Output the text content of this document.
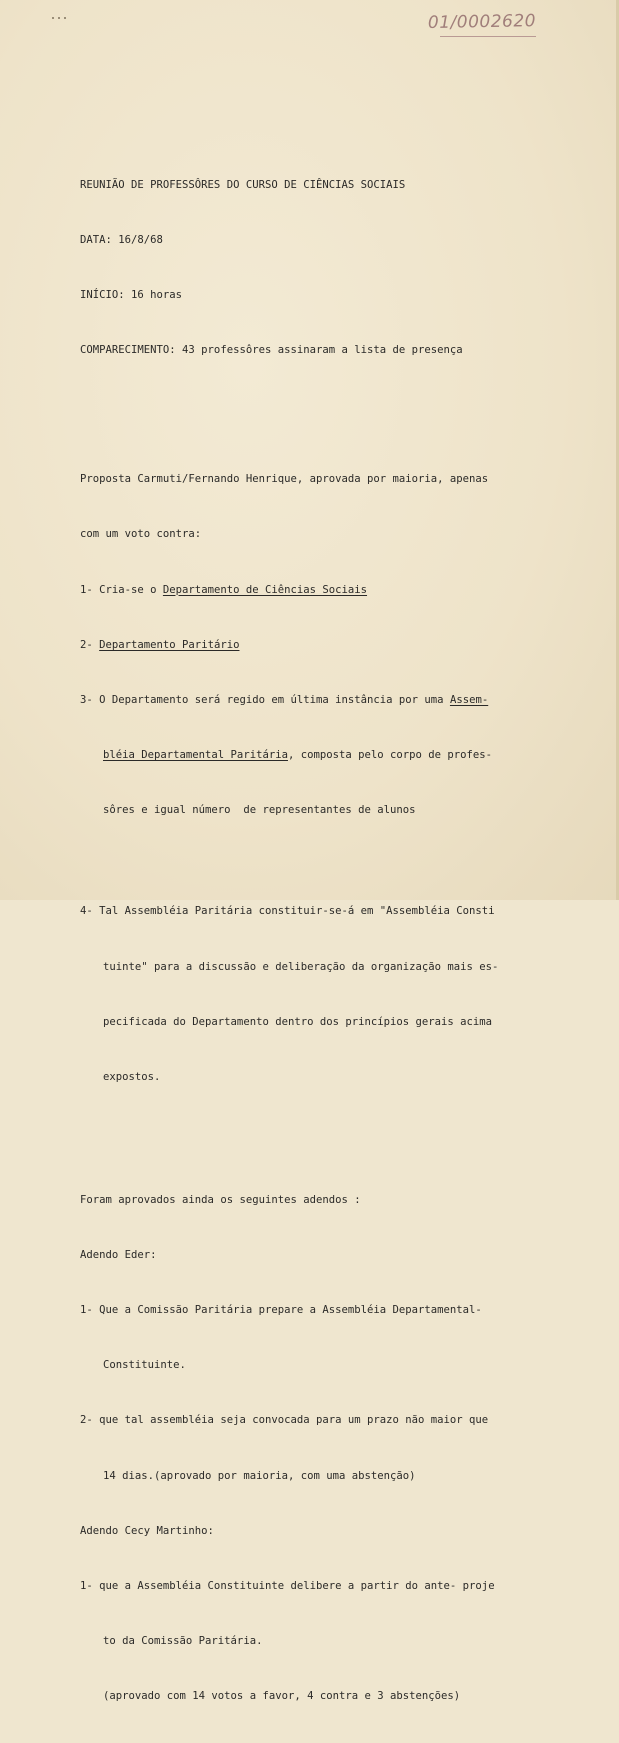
01/0002620

REUNIÃO DE PROFESSÔRES DO CURSO DE CIÊNCIAS SOCIAIS

DATA: 16/8/68

INÍCIO: 16 horas

COMPARECIMENTO: 43 professôres assinaram a lista de presença

Proposta Carmuti/Fernando Henrique, aprovada por maioria, apenas

com um voto contra:

1- Cria-se o Departamento de Ciências Sociais

2- Departamento Paritário

3- O Departamento será regido em última instância por uma Assem-

bléia Departamental Paritária, composta pelo corpo de profes-

sôres e igual número  de representantes de alunos

4- Tal Assembléia Paritária constituir-se-á em "Assembléia Consti

tuinte" para a discussão e deliberação da organização mais es-

pecificada do Departamento dentro dos princípios gerais acima

expostos.

Foram aprovados ainda os seguintes adendos :

Adendo Eder:

1- Que a Comissão Paritária prepare a Assembléia Departamental-

Constituinte.

2- que tal assembléia seja convocada para um prazo não maior que

14 dias.(aprovado por maioria, com uma abstenção)

Adendo Cecy Martinho:

1- que a Assembléia Constituinte delibere a partir do ante- proje

to da Comissão Paritária.

(aprovado com 14 votos a favor, 4 contra e 3 abstenções)
